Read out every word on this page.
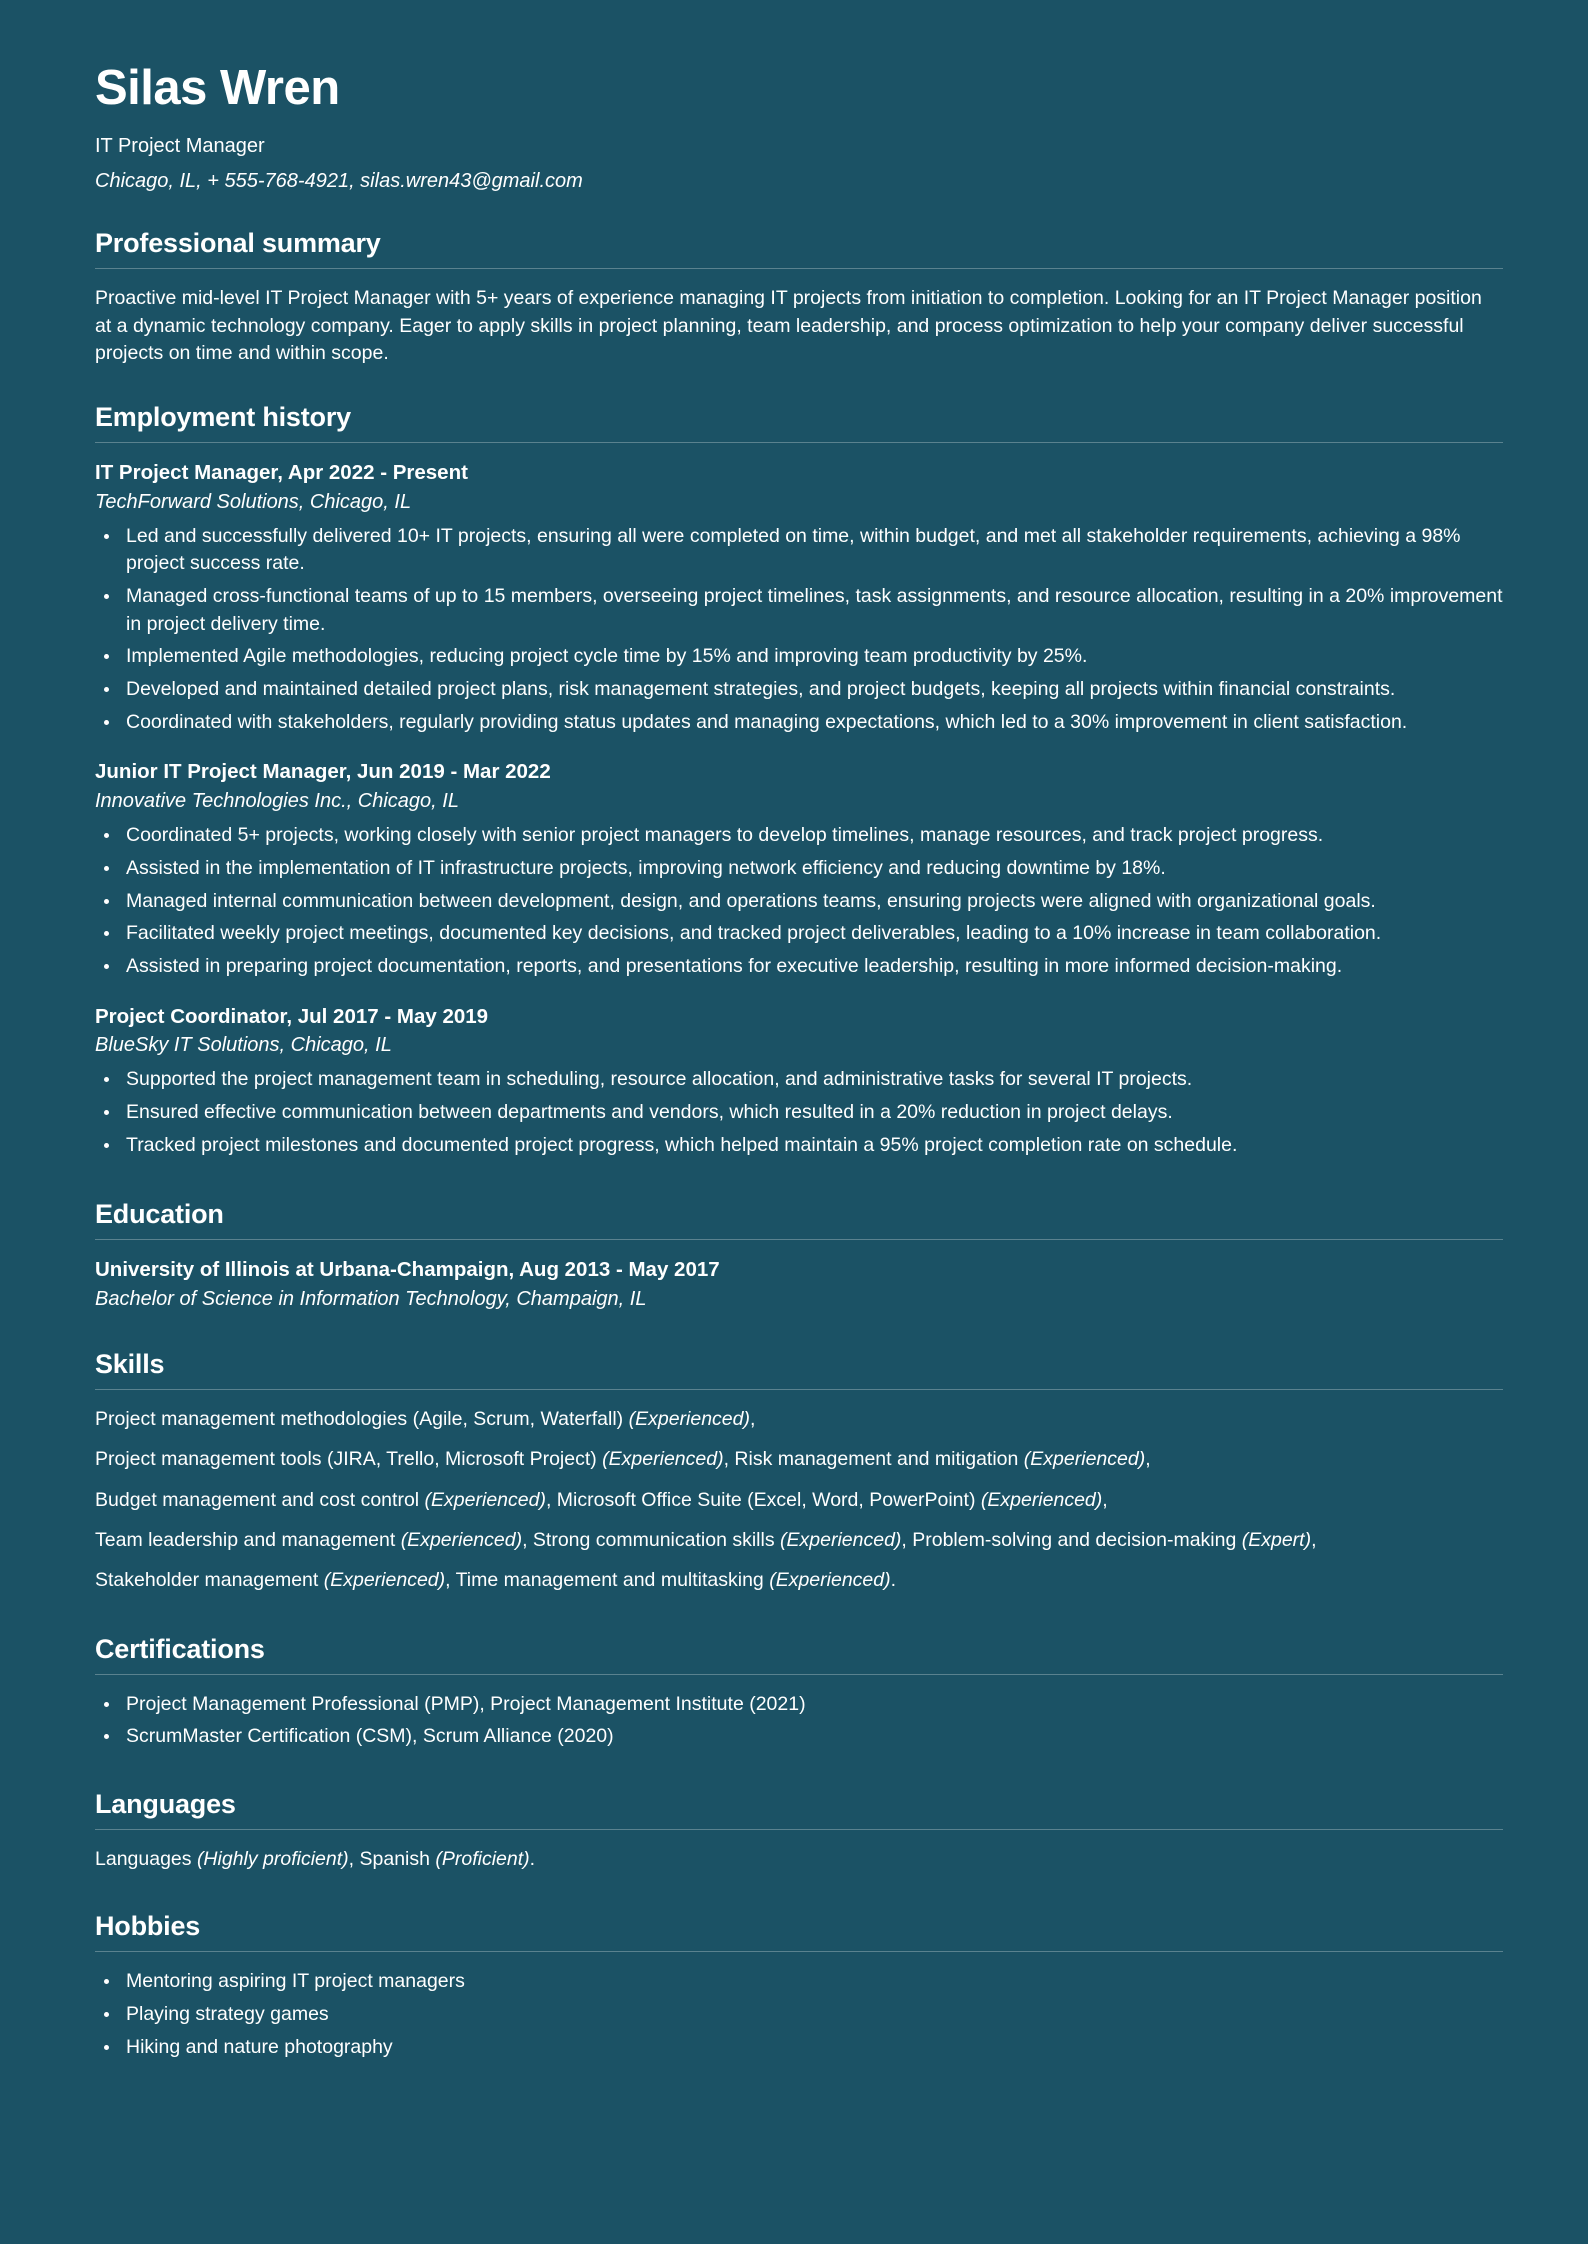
Silas Wren
IT Project Manager
Chicago, IL, + 555-768-4921, silas.wren43@gmail.com
Professional summary

Proactive mid-level IT Project Manager with 5+ years of experience managing IT projects from initiation to completion. Looking for an IT Project Manager position at a dynamic technology company. Eager to apply skills in project planning, team leadership, and process optimization to help your company deliver successful projects on time and within scope.

Employment history
IT Project Manager, Apr 2022 - Present
TechForward Solutions, Chicago, IL
Led and successfully delivered 10+ IT projects, ensuring all were completed on time, within budget, and met all stakeholder requirements, achieving a 98% project success rate.
Managed cross-functional teams of up to 15 members, overseeing project timelines, task assignments, and resource allocation, resulting in a 20% improvement in project delivery time.
Implemented Agile methodologies, reducing project cycle time by 15% and improving team productivity by 25%.
Developed and maintained detailed project plans, risk management strategies, and project budgets, keeping all projects within financial constraints.
Coordinated with stakeholders, regularly providing status updates and managing expectations, which led to a 30% improvement in client satisfaction.
Junior IT Project Manager, Jun 2019 - Mar 2022
Innovative Technologies Inc., Chicago, IL
Coordinated 5+ projects, working closely with senior project managers to develop timelines, manage resources, and track project progress.
Assisted in the implementation of IT infrastructure projects, improving network efficiency and reducing downtime by 18%.
Managed internal communication between development, design, and operations teams, ensuring projects were aligned with organizational goals.
Facilitated weekly project meetings, documented key decisions, and tracked project deliverables, leading to a 10% increase in team collaboration.
Assisted in preparing project documentation, reports, and presentations for executive leadership, resulting in more informed decision-making.
Project Coordinator, Jul 2017 - May 2019
BlueSky IT Solutions, Chicago, IL
Supported the project management team in scheduling, resource allocation, and administrative tasks for several IT projects.
Ensured effective communication between departments and vendors, which resulted in a 20% reduction in project delays.
Tracked project milestones and documented project progress, which helped maintain a 95% project completion rate on schedule.
Education
University of Illinois at Urbana-Champaign, Aug 2013 - May 2017
Bachelor of Science in Information Technology, Champaign, IL
Skills
Project management methodologies (Agile, Scrum, Waterfall) (Experienced),
Project management tools (JIRA, Trello, Microsoft Project) (Experienced), Risk management and mitigation (Experienced),
Budget management and cost control (Experienced), Microsoft Office Suite (Excel, Word, PowerPoint) (Experienced),
Team leadership and management (Experienced), Strong communication skills (Experienced), Problem-solving and decision-making (Expert),
Stakeholder management (Experienced), Time management and multitasking (Experienced).
Certifications
Project Management Professional (PMP), Project Management Institute (2021)
ScrumMaster Certification (CSM), Scrum Alliance (2020)
Languages
Languages (Highly proficient), Spanish (Proficient).
Hobbies
Mentoring aspiring IT project managers
Playing strategy games
Hiking and nature photography
